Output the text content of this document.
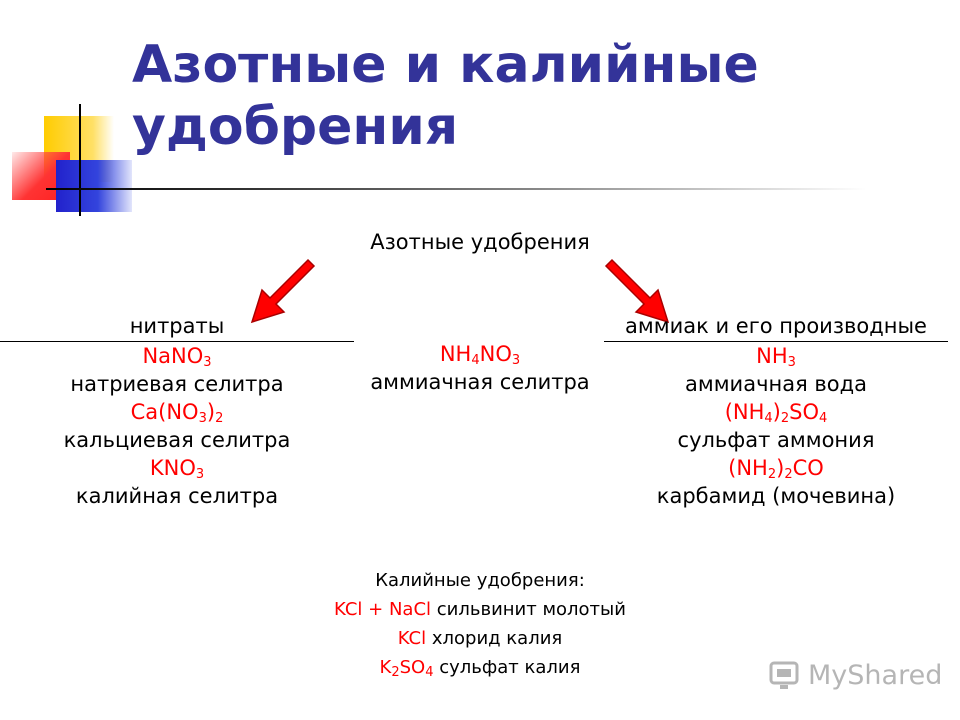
Азотные и калийные удобрения
Азотные удобрения
нитраты
NaNO$_3$
натриевая селитра
$Ca(NO_3)_2$
кальциевая селитра
$KNO_3$
калийная селитра
$NH_4NO_3$
аммиачная селитра
аммиак и его производные
$NH_3$
аммиачная вода
$(NH_4)_2SO_4$
сульфат аммония
$(NH_2)_2CO$
карбамид (мочевина)
Калийные удобрения:
KCl + NaCl сильвинит молотый
KCl хлорид калия
$K_2SO_4$ сульфат калия	MyShared
